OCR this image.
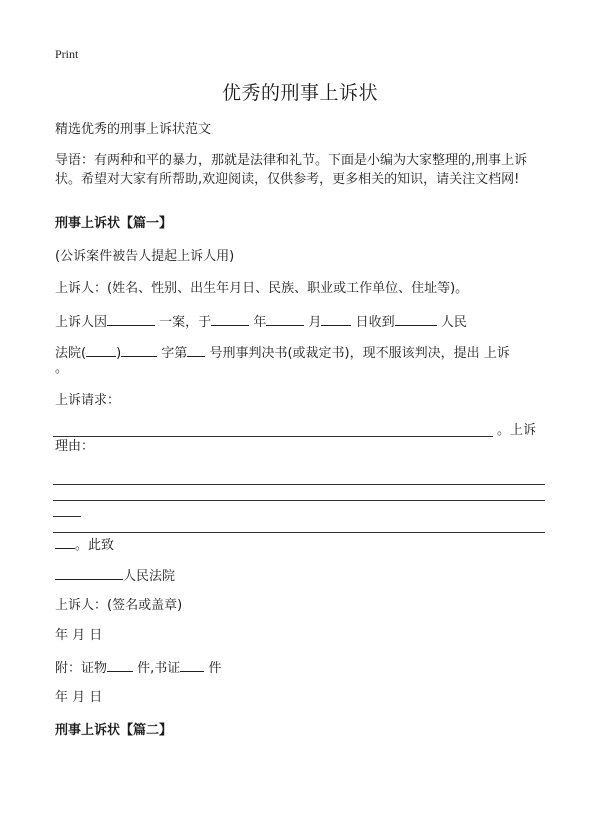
Print
优秀的刑事上诉状
精选优秀的刑事上诉状范文
导语：有两种和平的暴力，那就是法律和礼节。下面是小编为大家整理的,刑事上诉状。希望对大家有所帮助,欢迎阅读，仅供参考，更多相关的知识，请关注文档网!
刑事上诉状【篇一】
(公诉案件被告人提起上诉人用)
上诉人：(姓名、性别、出生年月日、民族、职业或工作单位、住址等)。
上诉人因	一案，于	年	月	日收到	人民
法院( )	字第 号刑事判决书(或裁定书)，现不服该判决，提出 上诉
。
上诉请求：
。上诉
理由：
。此致
人民法院
上诉人：(签名或盖章)
年 月 日
附：证物 件,书证 件
年 月 日
刑事上诉状【篇二】
